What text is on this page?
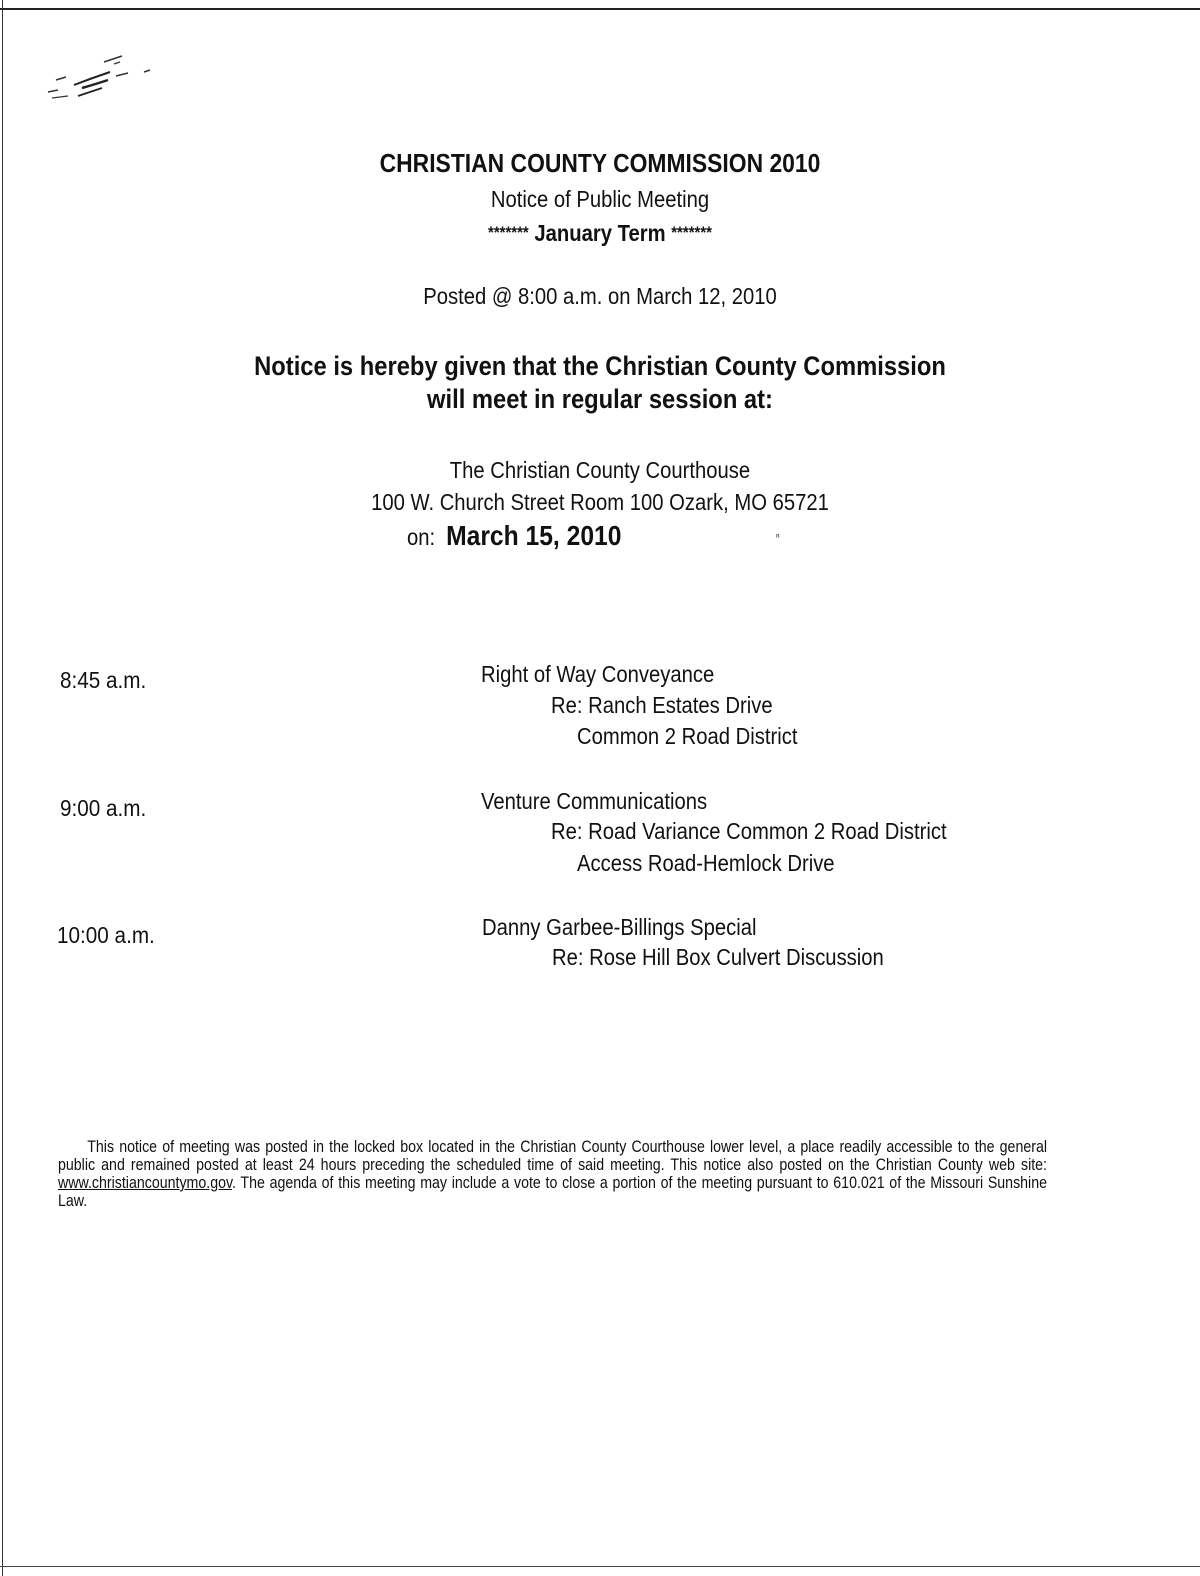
CHRISTIAN COUNTY COMMISSION 2010
Notice of Public Meeting
******* January Term *******
Posted @ 8:00 a.m. on March 12, 2010
Notice is hereby given that the Christian County Commission
will meet in regular session at:
The Christian County Courthouse
100 W. Church Street Room 100 Ozark, MO 65721
on: March 15, 2010	ⁿ
8:45 a.m.	Right of Way Conveyance
Re: Ranch Estates Drive
Common 2 Road District
9:00 a.m.	Venture Communications
Re: Road Variance Common 2 Road District
Access Road-Hemlock Drive
10:00 a.m.	Danny Garbee-Billings Special
Re: Rose Hill Box Culvert Discussion
This notice of meeting was posted in the locked box located in the Christian County Courthouse lower level, a place readily accessible to the general public and remained posted at least 24 hours preceding the scheduled time of said meeting. This notice also posted on the Christian County web site: www.christiancountymo.gov. The agenda of this meeting may include a vote to close a portion of the meeting pursuant to 610.021 of the Missouri Sunshine Law.
